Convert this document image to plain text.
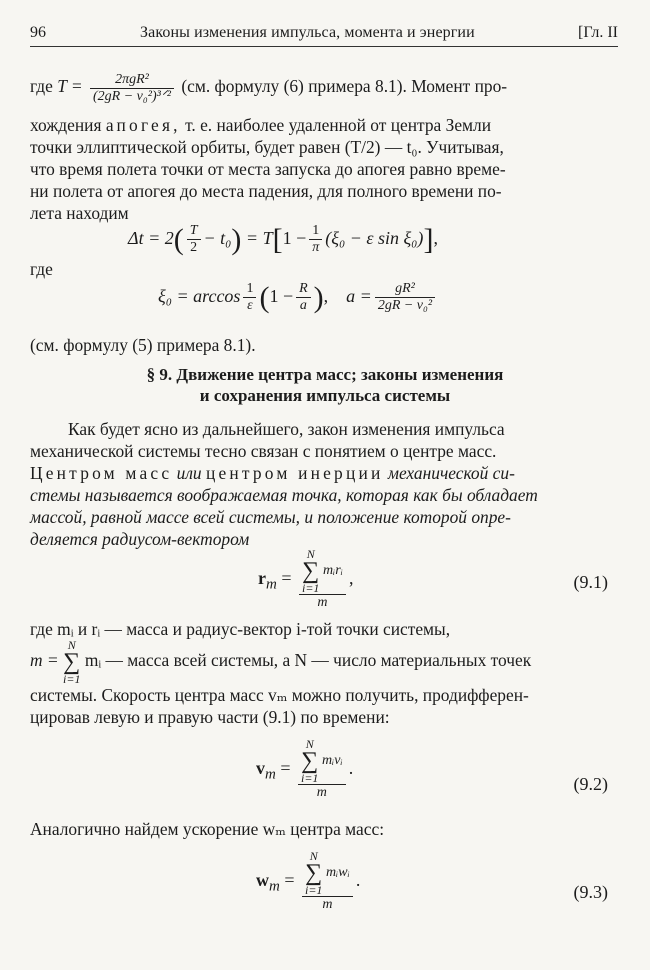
96	Законы изменения импульса, момента и энергии	[Гл. II
где $T = \frac{\text{2πgR²}}{\text{(2gR − v₀²)³ᐟ²}} (см$. формулу (6) примера 8.1). Момент про-
хождения апогея, т. е. наиболее удаленной от центра Земли
точки эллиптической орбиты, будет равен (T/2) — t₀. Учитывая,
что время полета точки от места запуска до апогея равно време-
ни полета от апогея до места падения, для полного времени по-
лета находим
$\Delta t = 2( \frac{T}{2} - t_0) = T[1 - \frac{1}{\pi} (\xi_0 - \varepsilon$ sin ξ₀)],
где
$\xi_0 = \arccos \frac{1}{\varepsilon} (1 - \frac{R}{a}$ ),    $a = \frac{\text{gR²}}{\text{2gR − v₀²}}$
(см. формулу (5) примера 8.1).
§ 9. Движение центра масс; законы изменения
и сохранения импульса системы
Как будет ясно из дальнейшего, закон изменения импульса
механической системы тесно связан с понятием о центре масс.
Центром масс или центром инерции механической си-
стемы называется воображаемая точка, которая как бы обладает
массой, равной массе всей системы, и положение которой опре-
деляется радиусом-вектором
$r_m = N$
∑
i=1 mᵢrᵢ
m ,	(9.1)
где mᵢ и rᵢ — масса и радиус-вектор i-той точки системы,
m = N
∑
i=1 mᵢ — масса всей системы, а N — число материальных точек
системы. Скорость центра масс vₘ можно получить, продифферен-
цировав левую и правую части (9.1) по времени:
$v_m = N$
∑
i=1 mᵢvᵢ
m .
(9.2)
Аналогично найдем ускорение wₘ центра масс:
$w_m = N$
∑
i=1 mᵢwᵢ
m .
(9.3)
